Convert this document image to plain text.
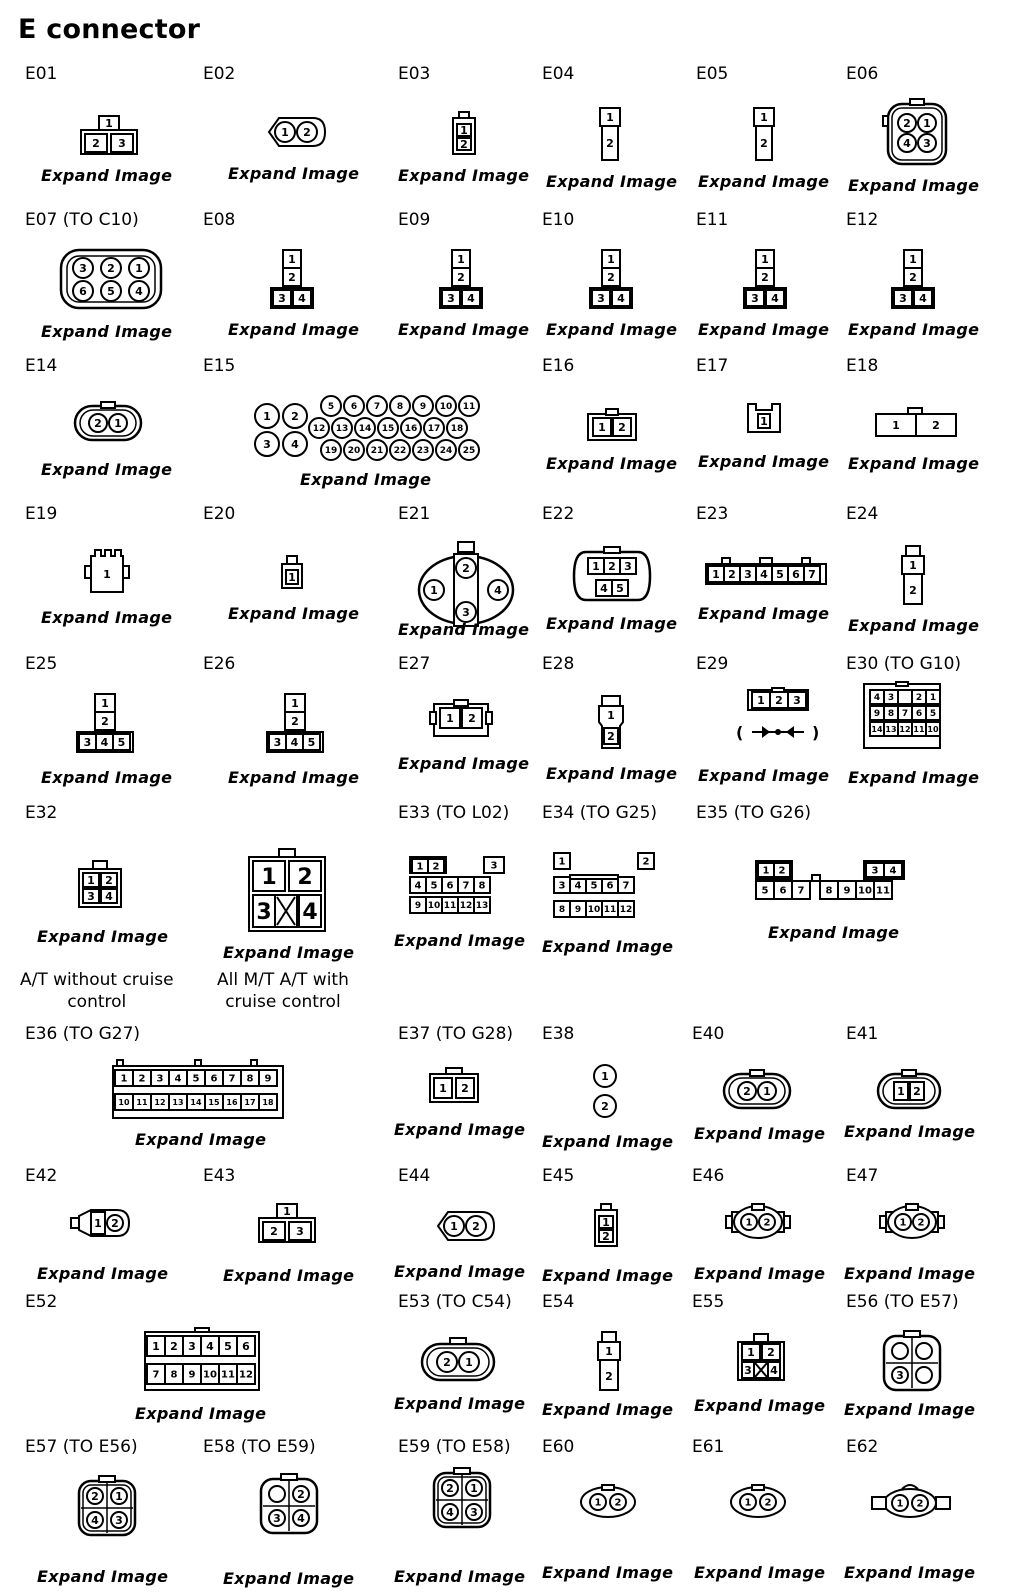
E connector
E01
1
2 3
Expand Image
E02
1 2
Expand Image
E03
1
2
Expand Image
E04
1
2
Expand Image
E05
1
2
Expand Image
E06
2 1
4 3
Expand Image
E07 (TO C10)
3 2 1
6 5 4
Expand Image
E08
1
2
3 4
Expand Image
E09
1
2
3 4
Expand Image
E10
1
2
3 4
Expand Image
E11
1
2
3 4
Expand Image
E12
1
2
3 4
Expand Image
E14
2 1
Expand Image
E15
1 2
3 4
5 6 7 8 9 10 11
12 13 14 15 16 17 18
19 20 21 22 23 24 25
Expand Image
E16
1 2
Expand Image
E17
1
Expand Image
E18
1	2
Expand Image
E19
1
Expand Image
E20
1
Expand Image
E21
2
3
1	4
Expand Image
E22
1 2 3
4 5
Expand Image
E23
1 2 3 4 5 6 7
Expand Image
E24
1
2
Expand Image
E25
1
2
3 4 5
Expand Image
E26
1
2
3 4 5
Expand Image
E27
1 2
Expand Image
E28
1
2
Expand Image
E29
1 2 3
(	)
Expand Image
E30 (TO G10)
4 3 2 1
9 8 7 6 5
14 13 12 11 10
Expand Image
E32
1 2
3 4
Expand Image
A/T without cruise
control
1 2
3 4
Expand Image
All M/T A/T with
cruise control
E33 (TO L02)
1 2	3
4 5 6 7 8
9 10 11 12 13
Expand Image
E34 (TO G25)
1	2
3 4 5 6 7
8 9 10 11 12
Expand Image
E35 (TO G26)
1 2	3 4
5 6 7 8 9 10 11
Expand Image
E36 (TO G27)
1 2 3 4 5 6 7 8 9
10 11 12 13 14 15 16 17 18
Expand Image
E37 (TO G28)
1 2
Expand Image
E38
1
2
Expand Image
E40
2 1
Expand Image
E41
1 2
Expand Image
E42
1 2
Expand Image
E43
1
2 3
Expand Image
E44
1 2
Expand Image
E45
1
2
Expand Image
E46
1 2
Expand Image
E47
1 2
Expand Image
E52
1 2 3 4 5 6
7 8 9 10 11 12
Expand Image
E53 (TO C54)
2 1
Expand Image
E54
1
2
Expand Image
E55
1 2
3 4
Expand Image
E56 (TO E57)
3
Expand Image
E57 (TO E56)
2 1
4 3
Expand Image
E58 (TO E59)
2
3 4
Expand Image
E59 (TO E58)
2 1
4 3
Expand Image
E60
1 2
Expand Image
E61
1 2
Expand Image
E62
1 2
Expand Image
